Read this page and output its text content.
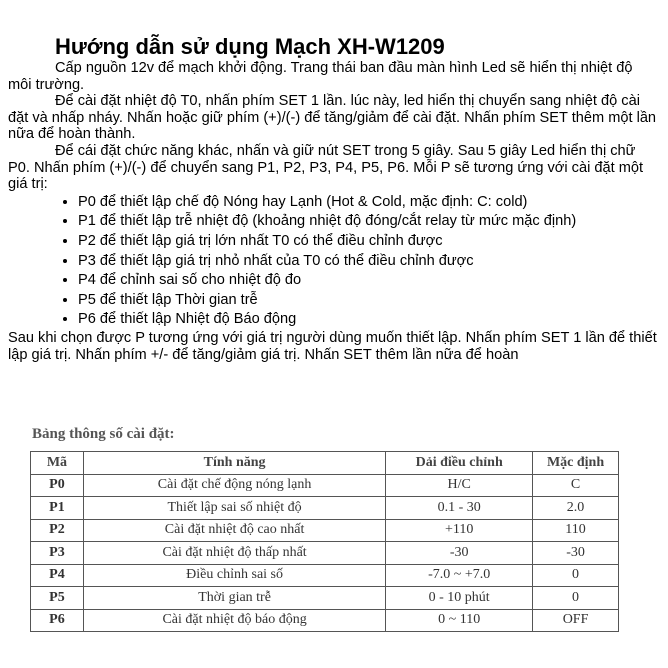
Hướng dẫn sử dụng Mạch XH-W1209

Cấp nguồn 12v để mạch khởi động. Trang thái ban đầu màn hình Led sẽ hiển thị nhiệt độ môi trường.

Để cài đặt nhiệt độ T0, nhấn phím SET 1 lần. lúc này, led hiển thị chuyển sang nhiệt độ cài đặt và nhấp nháy. Nhấn hoặc giữ phím (+)/(-) để tăng/giảm để cài đặt. Nhấn phím SET thêm một lần nữa để hoàn thành.

Để cái đặt chức năng khác, nhấn và giữ nút SET trong 5 giây. Sau 5 giây Led hiển thị chữ P0. Nhấn phím (+)/(-) để chuyển sang P1, P2, P3, P4, P5, P6. Mỗi P sẽ tương ứng với cài đặt một giá trị:

• P0 để thiết lập chế độ Nóng hay Lạnh (Hot & Cold, mặc định: C: cold)
• P1 để thiết lập trễ nhiệt độ (khoảng nhiệt độ đóng/cắt relay từ mức mặc định)
• P2 để thiết lập giá trị lớn nhất T0 có thể điều chỉnh được
• P3 để thiết lập giá trị nhỏ nhất của T0 có thể điều chỉnh được
• P4 để chỉnh sai số cho nhiệt độ đo
• P5 để thiết lập Thời gian trễ
• P6 để thiết lập Nhiệt độ Báo động

Sau khi chọn được P tương ứng với giá trị người dùng muốn thiết lập. Nhấn phím SET 1 lần để thiết lập giá trị. Nhấn phím +/- để tăng/giảm giá trị. Nhấn SET thêm lần nữa để hoàn

Bảng thông số cài đặt:
Mã	Tính năng	Dải điều chỉnh	Mặc định
P0	Cài đặt chế động nóng lạnh	H/C	C
P1	Thiết lập sai số nhiệt độ	0.1 - 30	2.0
P2	Cài đặt nhiệt độ cao nhất	+110	110
P3	Cài đặt nhiệt độ thấp nhất	-30	-30
P4	Điều chỉnh sai số	-7.0 ~ +7.0	0
P5	Thời gian trễ	0 - 10 phút	0
P6	Cài đặt nhiệt độ báo động	0 ~ 110	OFF
